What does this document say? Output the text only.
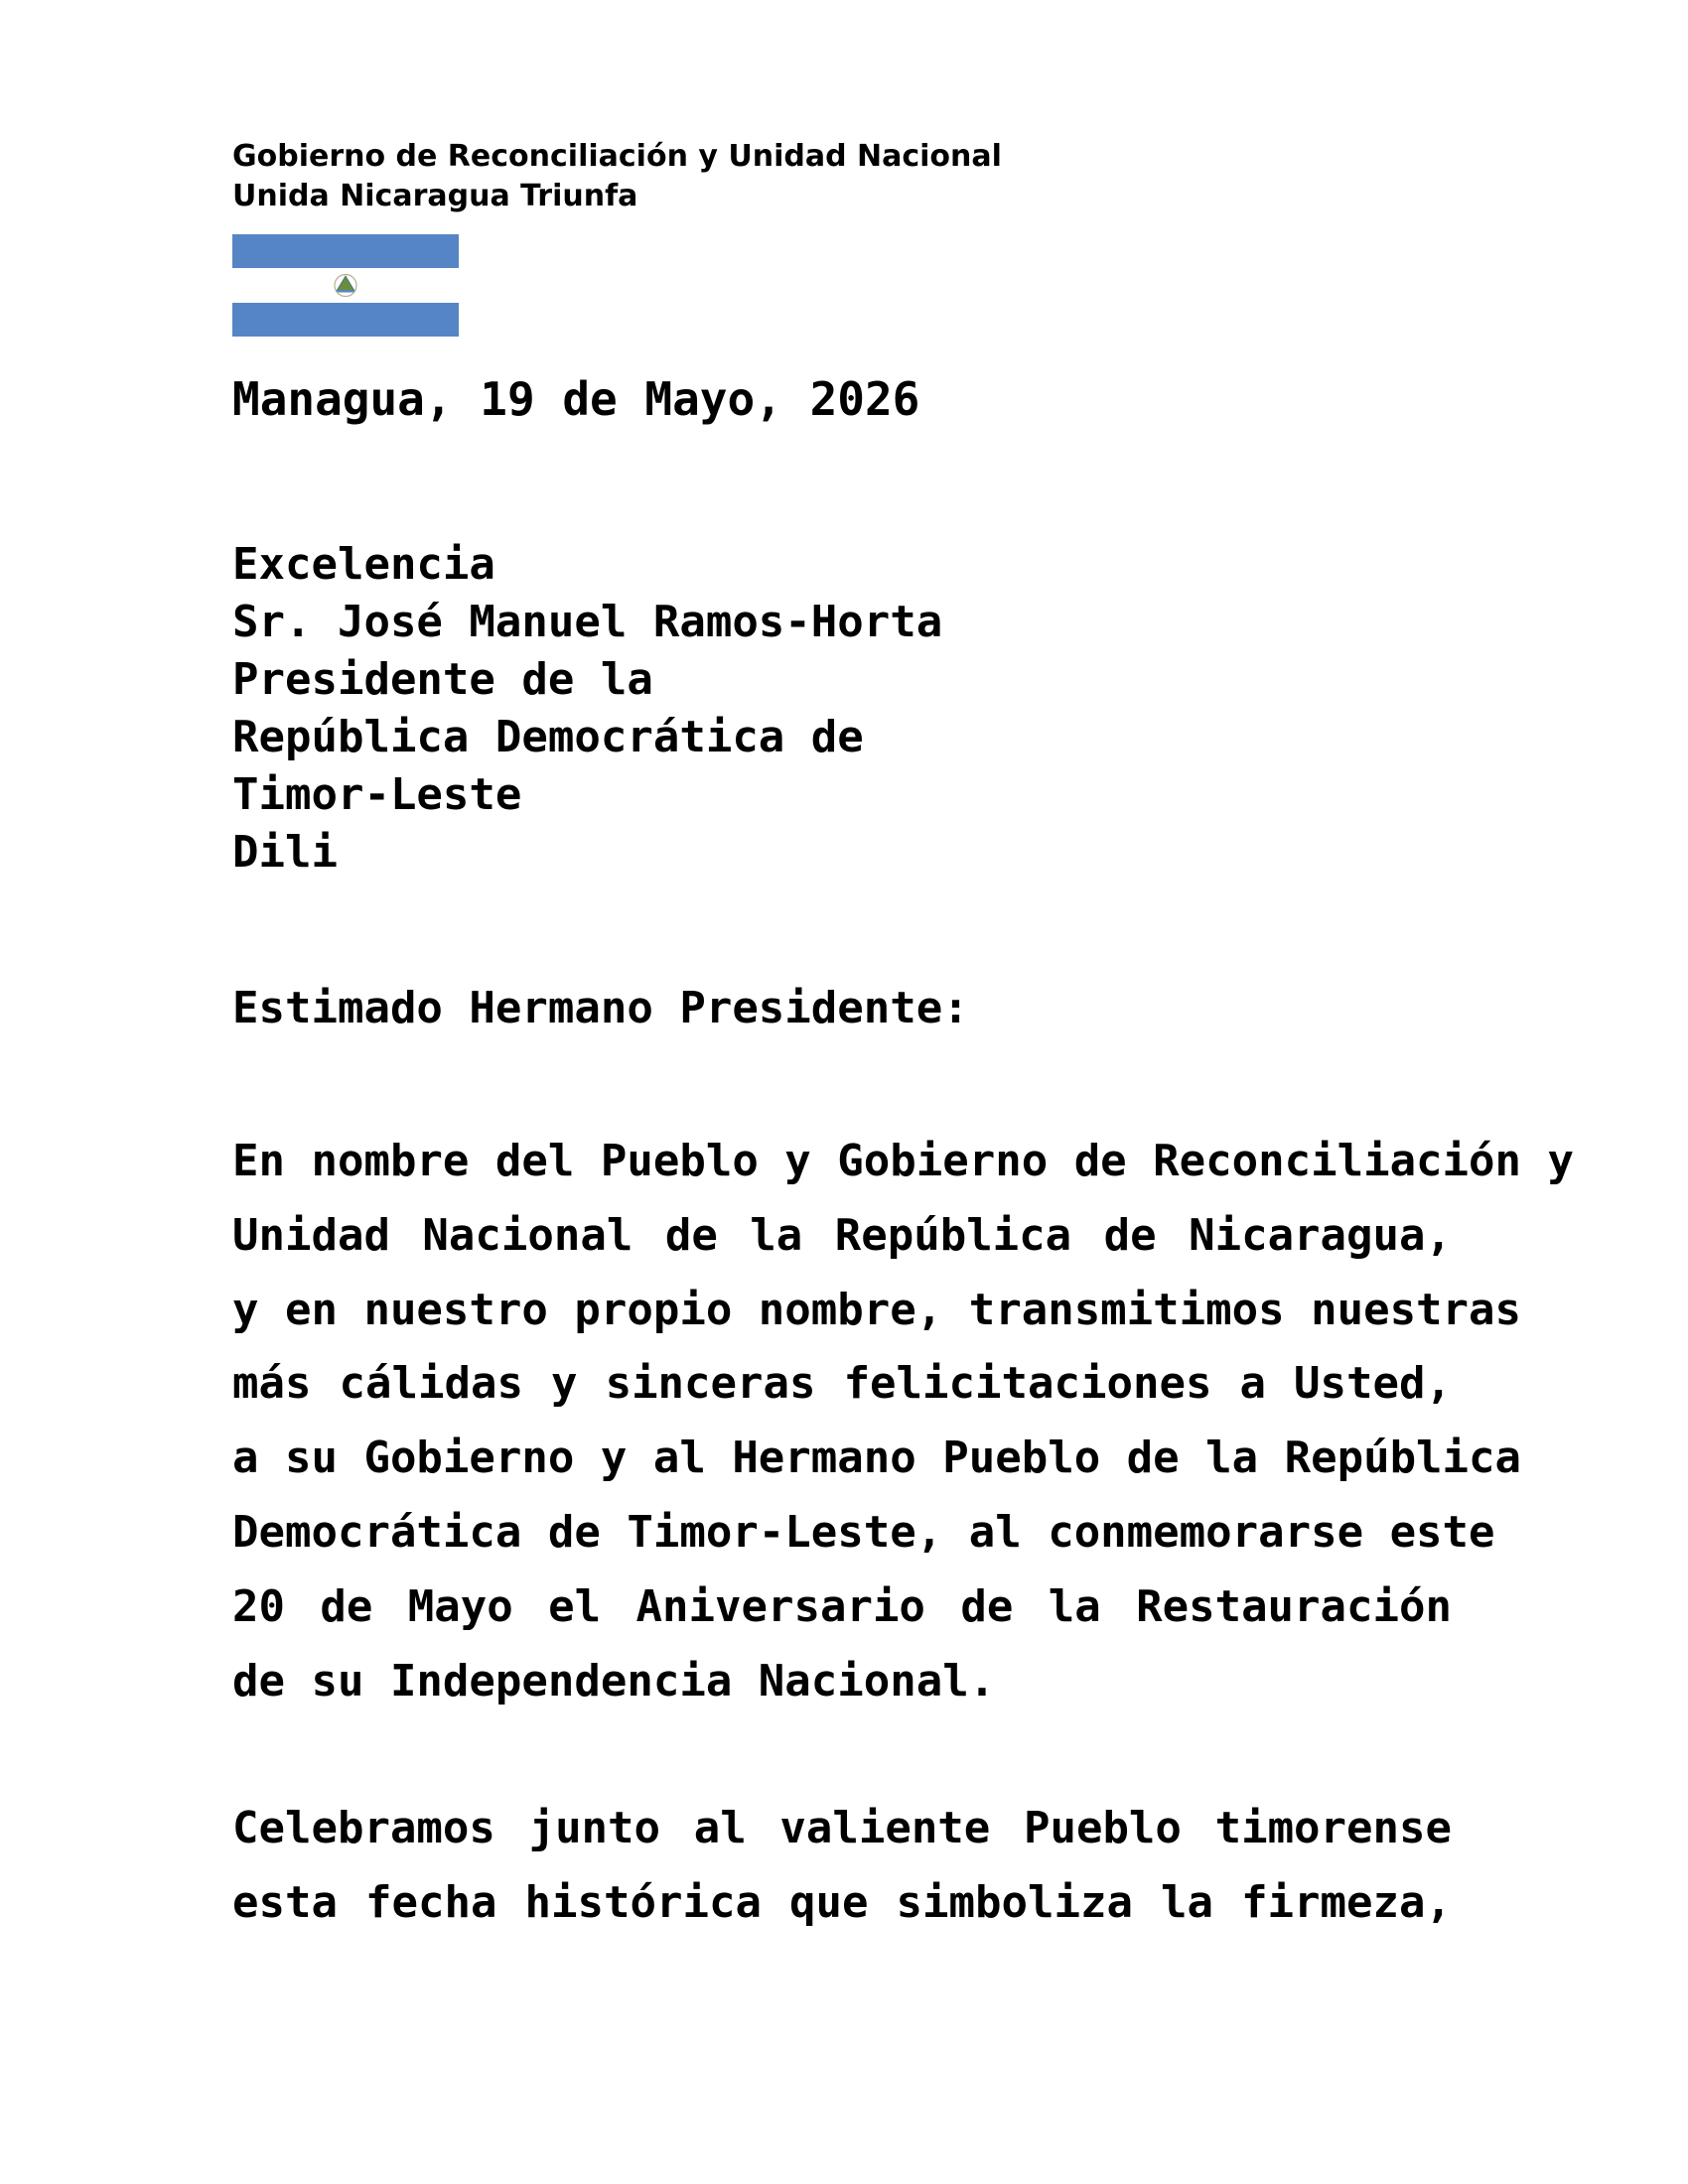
Gobierno de Reconciliación y Unidad Nacional
Unida Nicaragua Triunfa
Managua, 19 de Mayo, 2026
Excelencia
Sr. José Manuel Ramos-Horta
Presidente de la
República Democrática de
Timor-Leste
Dili
Estimado Hermano Presidente:
En nombre del Pueblo y Gobierno de Reconciliación y
Unidad Nacional de la República de Nicaragua,
y en nuestro propio nombre, transmitimos nuestras
más cálidas y sinceras felicitaciones a Usted,
a su Gobierno y al Hermano Pueblo de la República
Democrática de Timor-Leste, al conmemorarse este
20 de Mayo el Aniversario de la Restauración
de su Independencia Nacional.
Celebramos junto al valiente Pueblo timorense
esta fecha histórica que simboliza la firmeza,
